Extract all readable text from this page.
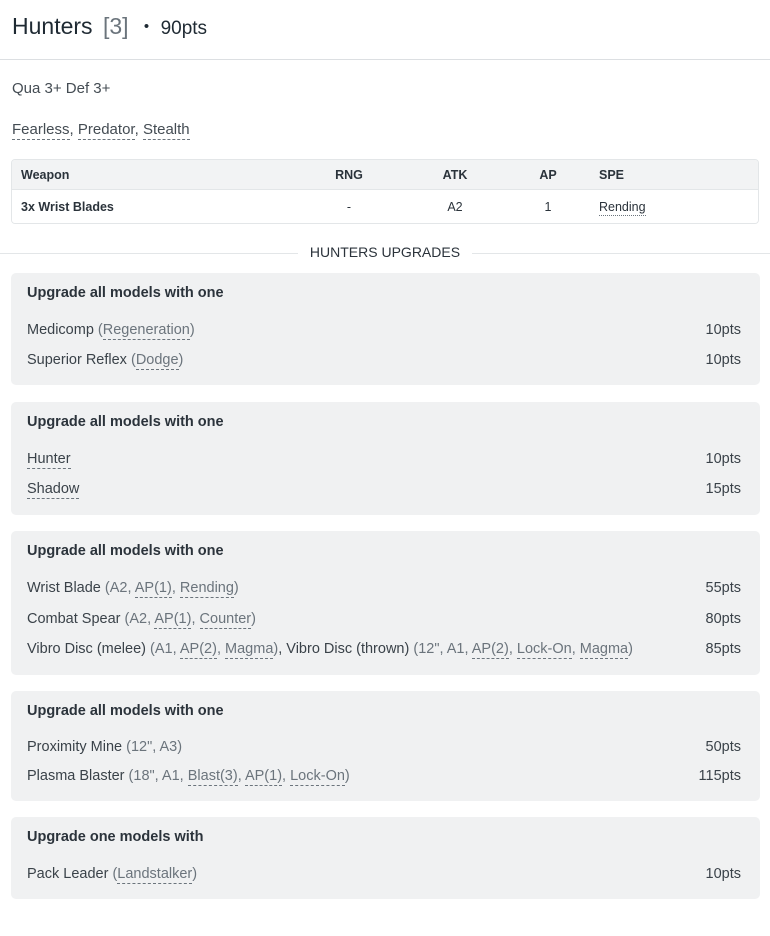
Hunters [3] • 90pts
Qua 3+ Def 3+
Fearless, Predator, Stealth
Weapon	RNG	ATK	AP	SPE
3x Wrist Blades	-	A2	1	Rending
HUNTERS UPGRADES
Upgrade all models with one
Medicomp (Regeneration)	10pts
Superior Reflex (Dodge)	10pts
Upgrade all models with one
Hunter	10pts
Shadow	15pts
Upgrade all models with one
Wrist Blade (A2, AP(1), Rending)	55pts
Combat Spear (A2, AP(1), Counter)	80pts
Vibro Disc (melee) (A1, AP(2), Magma), Vibro Disc (thrown) (12", A1, AP(2), Lock-On, Magma)	85pts
Upgrade all models with one
Proximity Mine (12", A3)	50pts
Plasma Blaster (18", A1, Blast(3), AP(1), Lock-On)	115pts
Upgrade one models with
Pack Leader (Landstalker)	10pts
